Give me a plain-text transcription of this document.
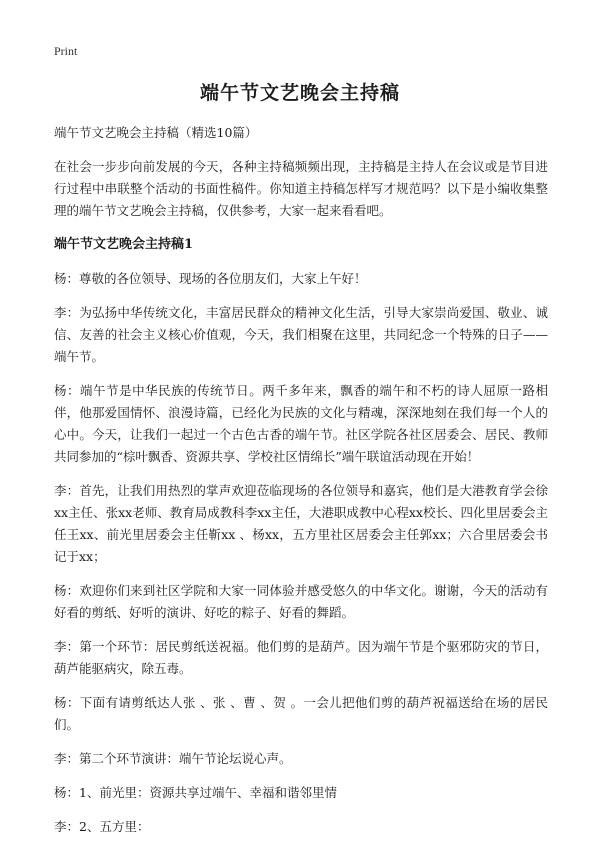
Print
端午节文艺晚会主持稿

端午节文艺晚会主持稿（精选10篇）

在社会一步步向前发展的今天，各种主持稿频频出现，主持稿是主持人在会议或是节目进行过程中串联整个活动的书面性稿件。你知道主持稿怎样写才规范吗？以下是小编收集整理的端午节文艺晚会主持稿，仅供参考，大家一起来看看吧。

端午节文艺晚会主持稿1

杨：尊敬的各位领导、现场的各位朋友们，大家上午好！

李：为弘扬中华传统文化，丰富居民群众的精神文化生活，引导大家崇尚爱国、敬业、诚信、友善的社会主义核心价值观，今天，我们相聚在这里，共同纪念一个特殊的日子——端午节。

杨：端午节是中华民族的传统节日。两千多年来，飘香的端午和不朽的诗人屈原一路相伴，他那爱国情怀、浪漫诗篇，已经化为民族的文化与精魂，深深地刻在我们每一个人的心中。今天，让我们一起过一个古色古香的端午节。社区学院各社区居委会、居民、教师共同参加的“棕叶飘香、资源共享、学校社区情绵长”端午联谊活动现在开始！

李：首先，让我们用热烈的掌声欢迎莅临现场的各位领导和嘉宾，他们是大港教育学会徐xx主任、张xx老师、教育局成教科李xx主任，大港职成教中心程xx校长、四化里居委会主任王xx、前光里居委会主任靳xx 、杨xx，五方里社区居委会主任郭xx；六合里居委会书记于xx；

杨：欢迎你们来到社区学院和大家一同体验并感受悠久的中华文化。谢谢，今天的活动有好看的剪纸、好听的演讲、好吃的粽子、好看的舞蹈。

李：第一个环节：居民剪纸送祝福。他们剪的是葫芦。因为端午节是个驱邪防灾的节日，葫芦能驱病灾，除五毒。

杨：下面有请剪纸达人张 、张 、曹 、贺 。一会儿把他们剪的葫芦祝福送给在场的居民们。

李：第二个环节演讲：端午节论坛说心声。

杨：1、前光里：资源共享过端午、幸福和谐邻里情

李：2、五方里：
